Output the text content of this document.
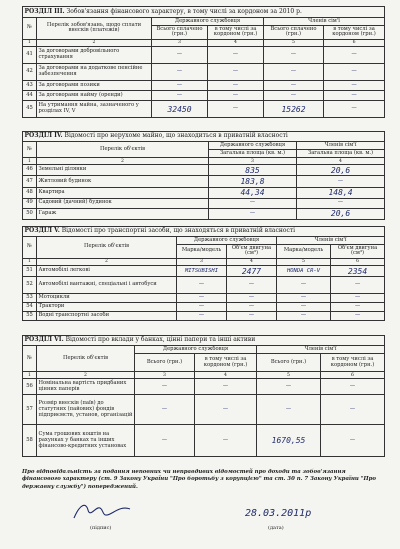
РОЗДІЛ ІІІ. Зобов'язання фінансового характеру, в тому числі за кордоном за 2010 р.					
№	Перелік зобов'язань, щодо сплати внесків (платежів)	Державного службовця		Членів сім'ї	
		Всього сплачено (грн.)	в тому числі за кордоном (грн.)	Всього сплачено (грн.)	в тому числі за кордоном (грн.)
1	2	3	4	5	6
41	За договорами добровільного страхування	—	—	—	—
42	За договорами на додаткове пенсійне забезпечення	—	—	—	—
43	За договорами позики	—	—	—	—
44	За договорами найму (оренди)	—	—	—	—
45	На утримання майна, зазначеного у розділах IV, V	32450	—	15262	—
РОЗДІЛ IV. Відомості про нерухоме майно, що знаходиться в приватній власності			
№	Перелік об'єктів	Державного службовця	Членів сім'ї
		Загальна площа (кв. м.)	Загальна площа (кв. м.)
1	2	3	4
46	Земельні ділянки	835	20,6
47	Житловий будинок	183,8	—
48	Квартира	44,34	148,4
49	Садовий (дачний) будинок	—	—
50	Гараж	—	20,6
РОЗДІЛ V. Відомості про транспортні засоби, що знаходяться в приватній власності					
№	Перелік об'єктів	Державного службовця		Членів сім'ї	
		Марка/модель	Об'єм двигуна (см³)	Марка/модель	Об'єм двигуна (см³)
1	2	3	4	5	6
51	Автомобілі легкові	MITSUBISHI	2477	HONDA CR-V	2354
52	Автомобілі вантажні, спеціальні і автобуси	—	—	—	—
53	Мотоцикли	—	—	—	—
54	Трактори	—	—	—	—
55	Водні транспортні засоби	—	—	—	—
РОЗДІЛ VI. Відомості про вклади у банках, цінні папери та інші активи					
№	Перелік об'єктів	Державного службовця		Членів сім'ї	
		Всього (грн.)	в тому числі за кордоном (грн.)	Всього (грн.)	в тому числі за кордоном (грн.)
1	2	3	4	5	6
56	Номінальна вартість придбаних цінних паперів	—	—	—	—
57	Розмір внесків (паїв) до статутних (пайових) фондів підприємств, установ, організацій	—	—	—	—
58	Сума грошових коштів на рахунках у банках та інших фінансово-кредитних установах	—	—	1670,55	—
Про відповідальність за подання неповних чи неправдивих відомостей про доходи та зобов'язання фінансового характеру (ст. 9 Закону України "Про боротьбу з корупцією" та ст. 30 п. 7 Закону України "Про державну службу") попереджений.
(підпис)
28.03.2011р
(дата)
